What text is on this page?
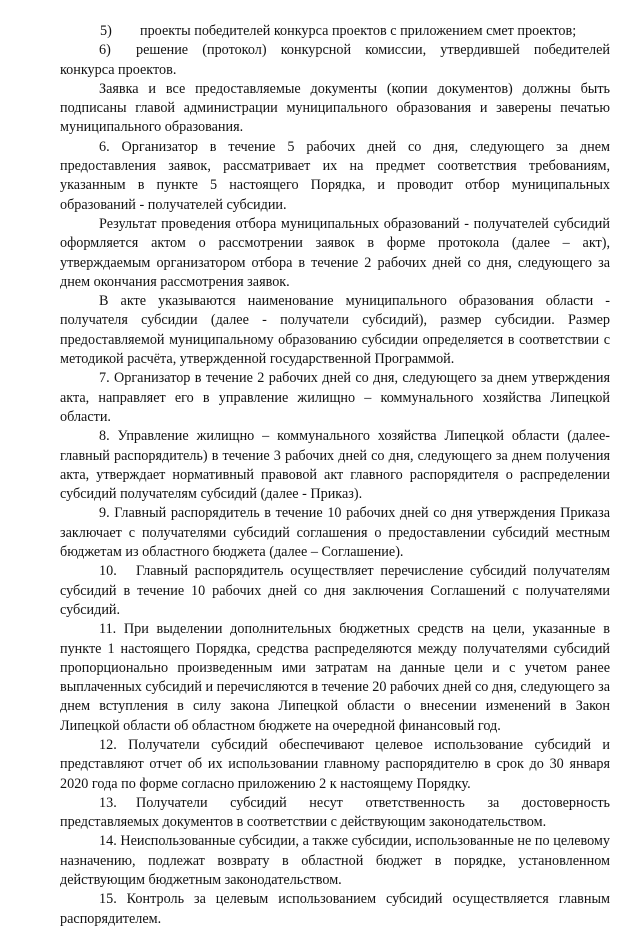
5)	проекты победителей конкурса проектов с приложением смет проектов;

6) решение (протокол) конкурсной комиссии, утвердившей победителей конкурса проектов.

Заявка и все предоставляемые документы (копии документов) должны быть подписаны главой администрации муниципального образования и заверены печатью муниципального образования.

6. Организатор в течение 5 рабочих дней со дня, следующего за днем предоставления заявок, рассматривает их на предмет соответствия требованиям, указанным в пункте 5 настоящего Порядка, и проводит отбор муниципальных образований - получателей субсидии.

Результат проведения отбора муниципальных образований - получателей субсидий оформляется актом о рассмотрении заявок в форме протокола (далее – акт), утверждаемым организатором отбора в течение 2 рабочих дней со дня, следующего за днем окончания рассмотрения заявок.

В акте указываются наименование муниципального образования области - получателя субсидии (далее - получатели субсидий), размер субсидии. Размер предоставляемой муниципальному образованию субсидии определяется в соответствии с методикой расчёта, утвержденной государственной Программой.

7. Организатор в течение 2 рабочих дней со дня, следующего за днем утверждения акта, направляет его в управление жилищно – коммунального хозяйства Липецкой области.

8. Управление жилищно – коммунального хозяйства Липецкой области (далее-главный распорядитель) в течение 3 рабочих дней со дня, следующего за днем получения акта, утверждает нормативный правовой акт главного распорядителя о распределении субсидий получателям субсидий (далее - Приказ).

9. Главный распорядитель в течение 10 рабочих дней со дня утверждения Приказа заключает с получателями субсидий соглашения о предоставлении субсидий местным бюджетам из областного бюджета (далее – Соглашение).

10. Главный распорядитель осуществляет перечисление субсидий получателям субсидий в течение 10 рабочих дней со дня заключения Соглашений с получателями субсидий.

11. При выделении дополнительных бюджетных средств на цели, указанные в пункте 1 настоящего Порядка, средства распределяются между получателями субсидий пропорционально произведенным ими затратам на данные цели и с учетом ранее выплаченных субсидий и перечисляются в течение 20 рабочих дней со дня, следующего за днем вступления в силу закона Липецкой области о внесении изменений в Закон Липецкой области об областном бюджете на очередной финансовый год.

12. Получатели субсидий обеспечивают целевое использование субсидий и представляют отчет об их использовании главному распорядителю в срок до 30 января 2020 года по форме согласно приложению 2 к настоящему Порядку.

13. Получатели субсидий несут ответственность за достоверность представляемых документов в соответствии с действующим законодательством.

14. Неиспользованные субсидии, а также субсидии, использованные не по целевому назначению, подлежат возврату в областной бюджет в порядке, установленном действующим бюджетным законодательством.

15. Контроль за целевым использованием субсидий осуществляется главным распорядителем.
